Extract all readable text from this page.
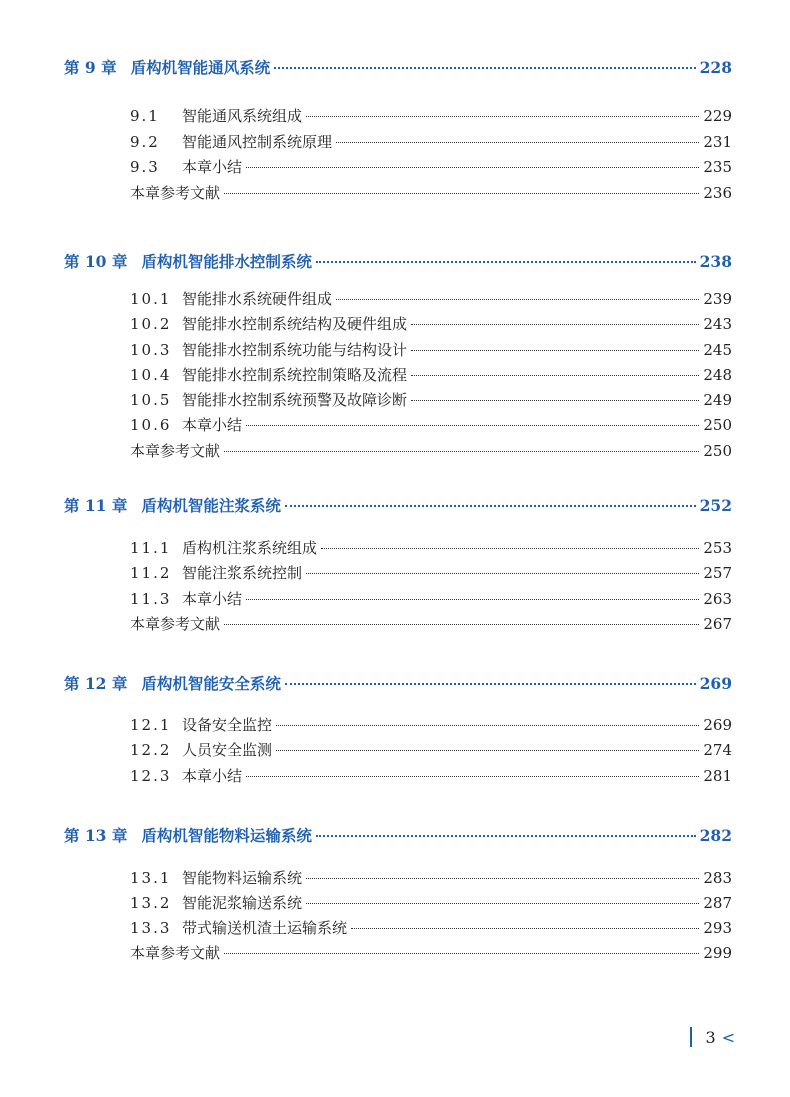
第 9 章 盾构机智能通风系统	228
9.1	智能通风系统组成	229
9.2	智能通风控制系统原理	231
9.3	本章小结	235
本章参考文献	236
第 10 章 盾构机智能排水控制系统	238
10.1 智能排水系统硬件组成	239
10.2 智能排水控制系统结构及硬件组成	243
10.3 智能排水控制系统功能与结构设计	245
10.4 智能排水控制系统控制策略及流程	248
10.5 智能排水控制系统预警及故障诊断	249
10.6 本章小结	250
本章参考文献	250
第 11 章 盾构机智能注浆系统	252
11.1 盾构机注浆系统组成	253
11.2 智能注浆系统控制	257
11.3 本章小结	263
本章参考文献	267
第 12 章 盾构机智能安全系统	269
12.1 设备安全监控	269
12.2 人员安全监测	274
12.3 本章小结	281
第 13 章 盾构机智能物料运输系统	282
13.1 智能物料运输系统	283
13.2 智能泥浆输送系统	287
13.3 带式输送机渣土运输系统	293
本章参考文献	299
3 <
